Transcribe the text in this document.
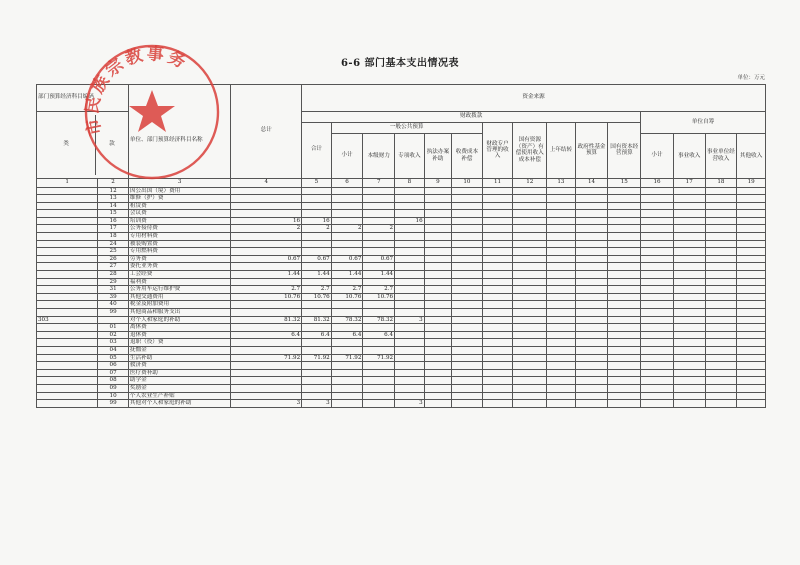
6-6 部门基本支出情况表
单位：万元
部门预算经济科目编码			总计	资金来源														

类 款				财政拨款											单位自筹			
				合计	一般公共预算					财政专户管理的收入	国有资源（资产）有偿使用收入成本补偿	上年结转	政府性基金预算	国有资本经营预算				
		单位、部门预算经济科目名称			小计	本级财力	专项收入	执法办案补助	收费成本补偿						小计	事业收入	事业单位经营收入	其他收入

1	2	3	4	5	6	7	8	9	10	11	12	13	14	15	16	17	18	19
	12	因公出国（境）费用																
	13	维修（护）费																
	14	租赁费																
	15	会议费																
	16	培训费	16	16			16											
	17	公务接待费	2	2	2	2												
	18	专用材料费																
	24	被装购置费																
	25	专用燃料费																
	26	劳务费	0.67	0.67	0.67	0.67												
	27	委托业务费																
	28	工会经费	1.44	1.44	1.44	1.44												
	29	福利费																
	31	公务用车运行维护费	2.7	2.7	2.7	2.7												
	39	其他交通费用	10.76	10.76	10.76	10.76												
	40	税金及附加费用																
	99	其他商品和服务支出																
303		对个人和家庭的补助	81.32	81.32	78.32	78.32	3											
	01	离休费																
	02	退休费	6.4	6.4	6.4	6.4												
	03	退职（役）费																
	04	抚恤金																
	05	生活补助	71.92	71.92	71.92	71.92												
	06	救济费																
	07	医疗费补助																
	08	助学金																
	09	奖励金																
	10	个人农业生产补贴																
	99	其他对个人和家庭的补助	3	3			3											
市民族宗教事务
